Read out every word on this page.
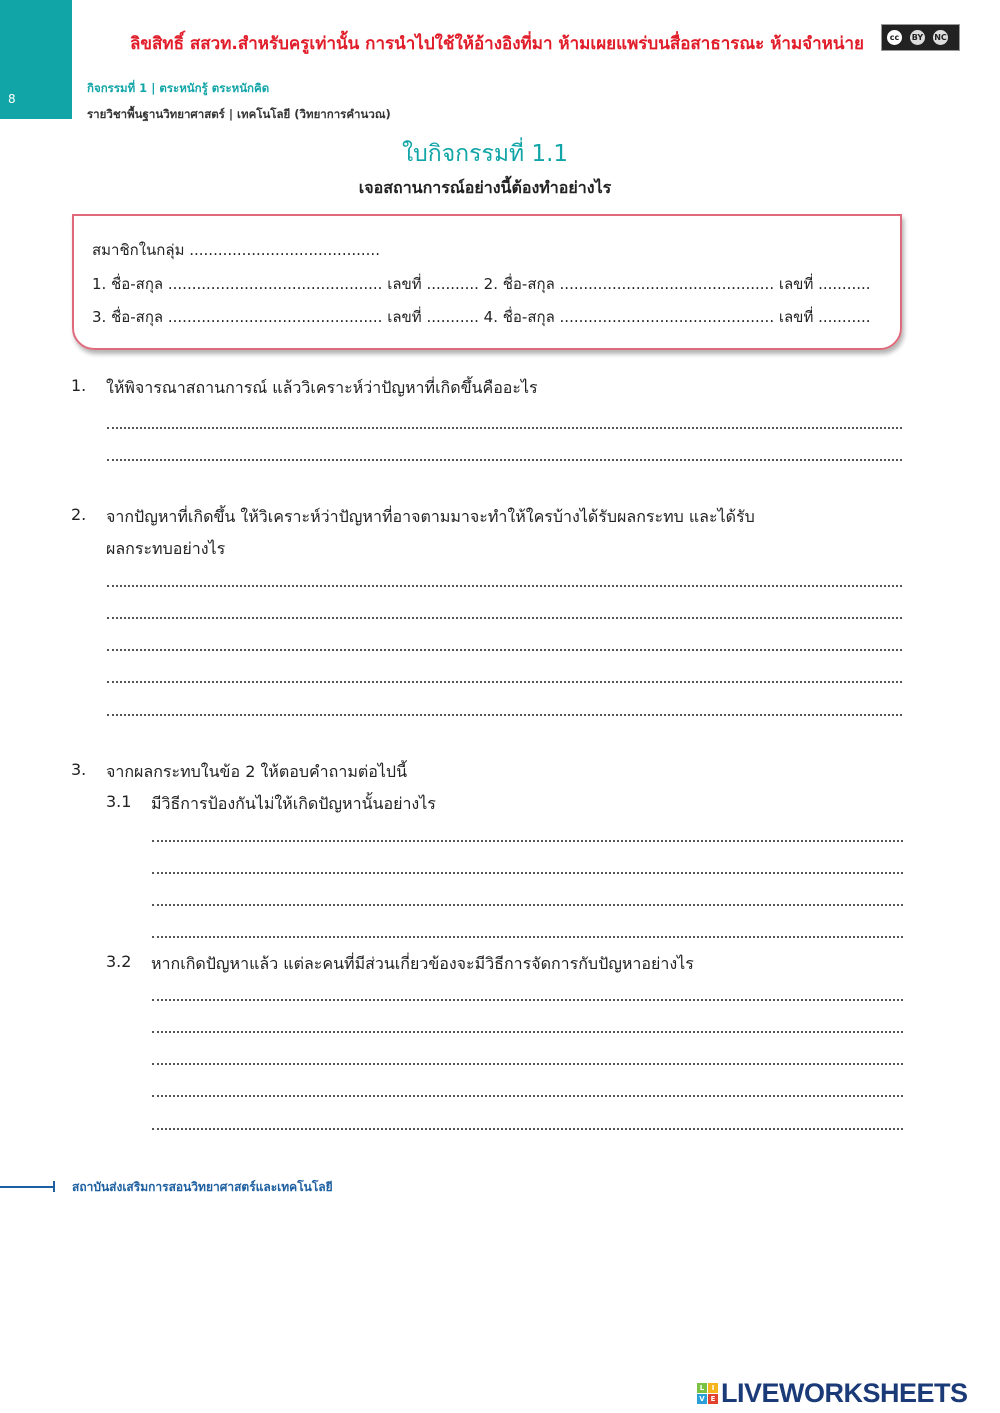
8
ลิขสิทธิ์ สสวท.สำหรับครูเท่านั้น การนำไปใช้ให้อ้างอิงที่มา ห้ามเผยแพร่บนสื่อสาธารณะ ห้ามจำหน่าย	cc	BY	NC
กิจกรรมที่ 1 | ตระหนักรู้ ตระหนักคิด
รายวิชาพื้นฐานวิทยาศาสตร์ | เทคโนโลยี (วิทยาการคำนวณ)
ใบกิจกรรมที่ 1.1
เจอสถานการณ์อย่างนี้ต้องทำอย่างไร
สมาชิกในกลุ่ม ........................................
1. ชื่อ-สกุล ............................................. เลขที่ ........... 2. ชื่อ-สกุล ............................................. เลขที่ ...........
3. ชื่อ-สกุล ............................................. เลขที่ ........... 4. ชื่อ-สกุล ............................................. เลขที่ ...........
1. ให้พิจารณาสถานการณ์ แล้ววิเคราะห์ว่าปัญหาที่เกิดขึ้นคืออะไร
2. จากปัญหาที่เกิดขึ้น ให้วิเคราะห์ว่าปัญหาที่อาจตามมาจะทำให้ใครบ้างได้รับผลกระทบ และได้รับ
ผลกระทบอย่างไร
3. จากผลกระทบในข้อ 2 ให้ตอบคำถามต่อไปนี้
3.1 มีวิธีการป้องกันไม่ให้เกิดปัญหานั้นอย่างไร
3.2 หากเกิดปัญหาแล้ว แต่ละคนที่มีส่วนเกี่ยวข้องจะมีวิธีการจัดการกับปัญหาอย่างไร
สถาบันส่งเสริมการสอนวิทยาศาสตร์และเทคโนโลยี
L	I
V E LIVEWORKSHEETS
